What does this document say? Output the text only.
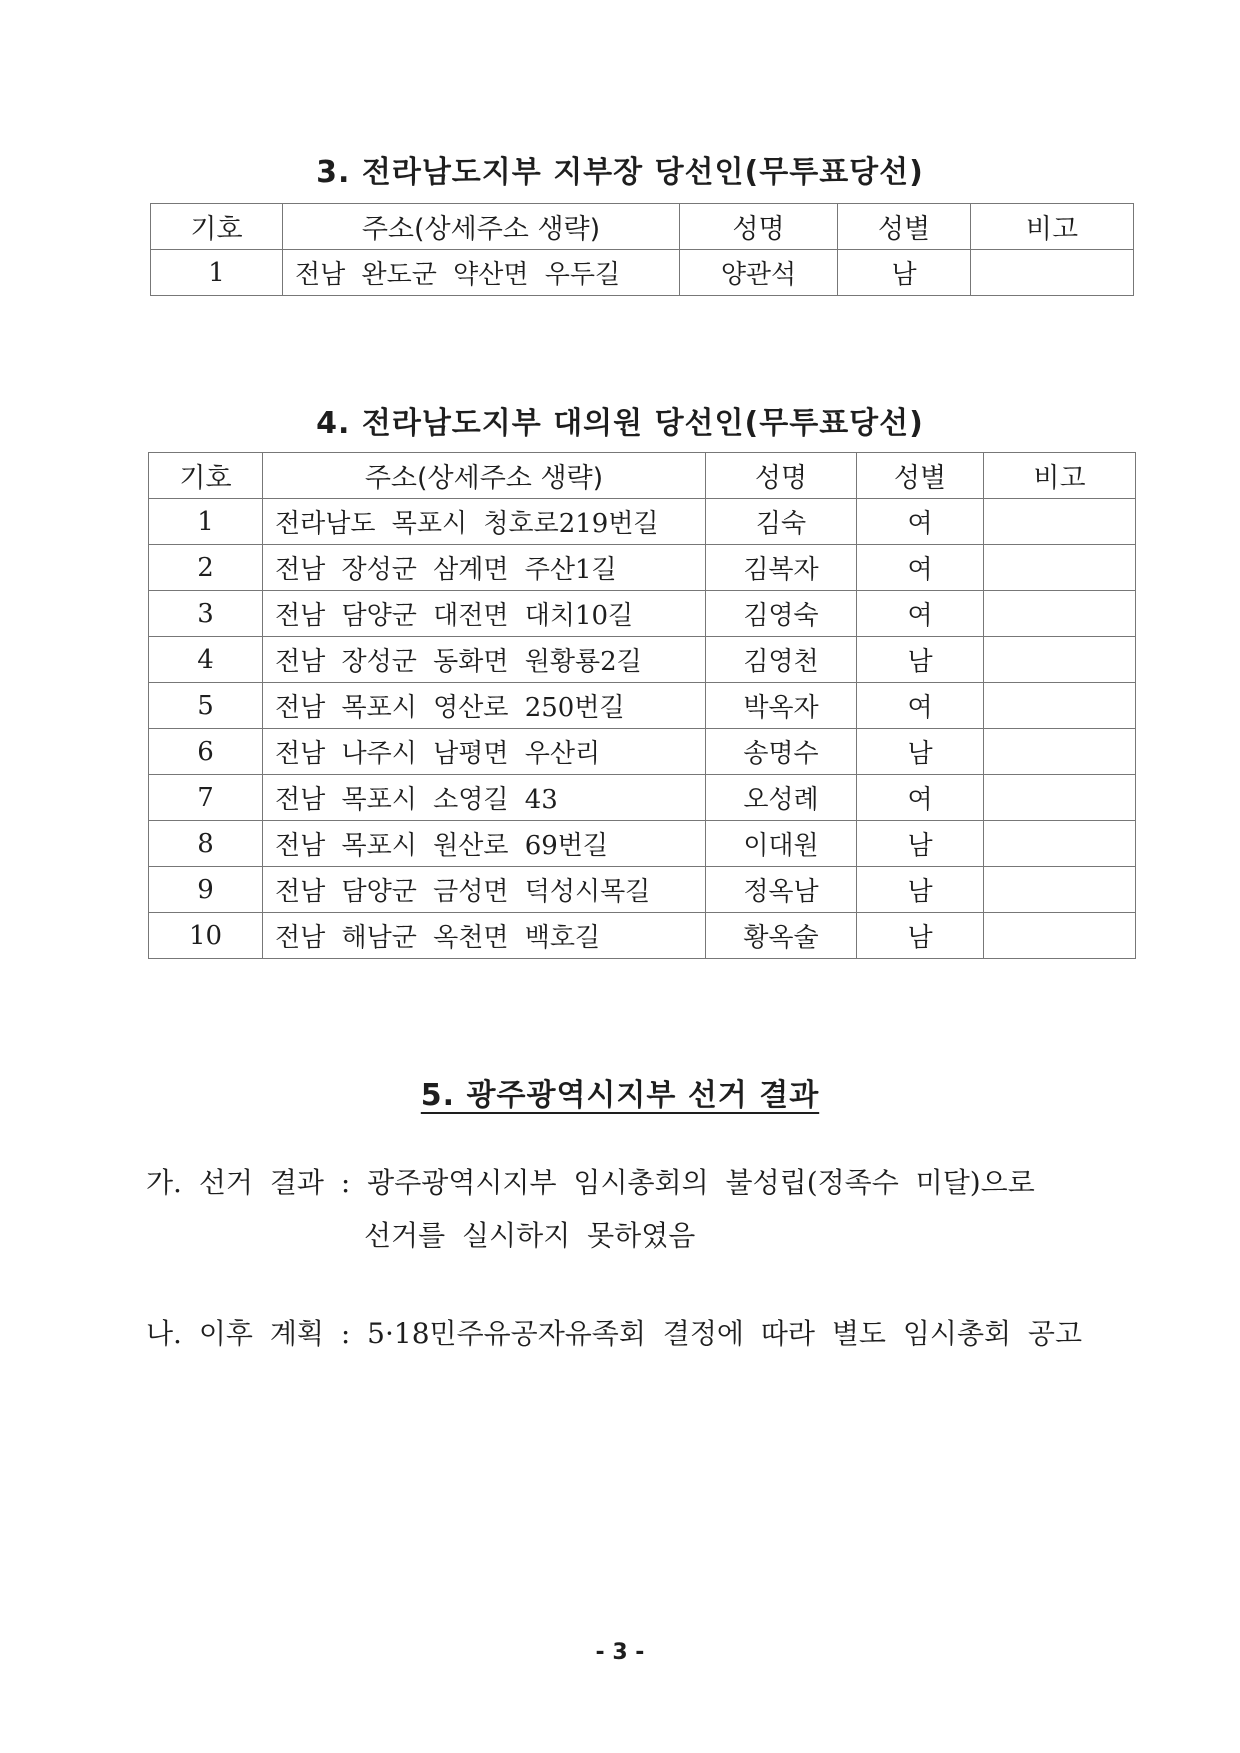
3. 전라남도지부 지부장 당선인(무투표당선)
기호	주소(상세주소 생략)	성명	성별	비고
1	전남 완도군 약산면 우두길	양관석	남	
4. 전라남도지부 대의원 당선인(무투표당선)
기호	주소(상세주소 생략)	성명	성별	비고
1	전라남도 목포시 청호로219번길	김숙	여	
2	전남 장성군 삼계면 주산1길	김복자	여	
3	전남 담양군 대전면 대치10길	김영숙	여	
4	전남 장성군 동화면 원황룡2길	김영천	남	
5	전남 목포시 영산로 250번길	박옥자	여	
6	전남 나주시 남평면 우산리	송명수	남	
7	전남 목포시 소영길 43	오성례	여	
8	전남 목포시 원산로 69번길	이대원	남	
9	전남 담양군 금성면 덕성시목길	정옥남	남	
10	전남 해남군 옥천면 백호길	황옥술	남	
5. 광주광역시지부 선거 결과
가. 선거 결과 : 광주광역시지부 임시총회의 불성립(정족수 미달)으로
선거를 실시하지 못하였음
나. 이후 계획 : 5·18민주유공자유족회 결정에 따라 별도 임시총회 공고
- 3 -
